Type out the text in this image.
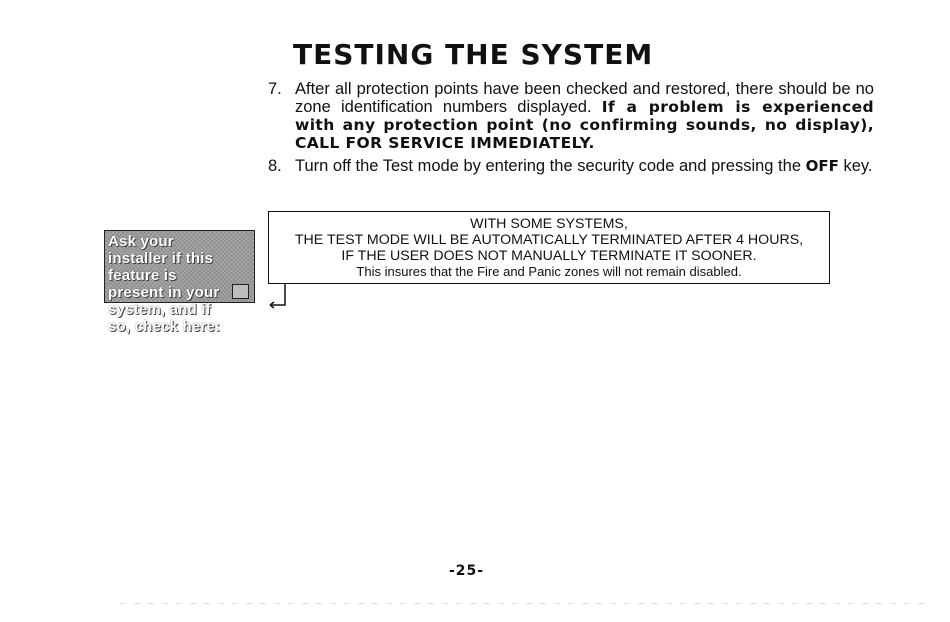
TESTING THE SYSTEM
7. After all protection points have been checked and restored, there should be no zone identification numbers displayed. If a problem is experienced with any protection point (no confirming sounds, no display), CALL FOR SERVICE IMMEDIATELY.
8. Turn off the Test mode by entering the security code and pressing the OFF key.
Ask your installer if this feature is present in your system, and if so, check here:
WITH SOME SYSTEMS,
THE TEST MODE WILL BE AUTOMATICALLY TERMINATED AFTER 4 HOURS,
IF THE USER DOES NOT MANUALLY TERMINATE IT SOONER.
This insures that the Fire and Panic zones will not remain disabled.
-25-
